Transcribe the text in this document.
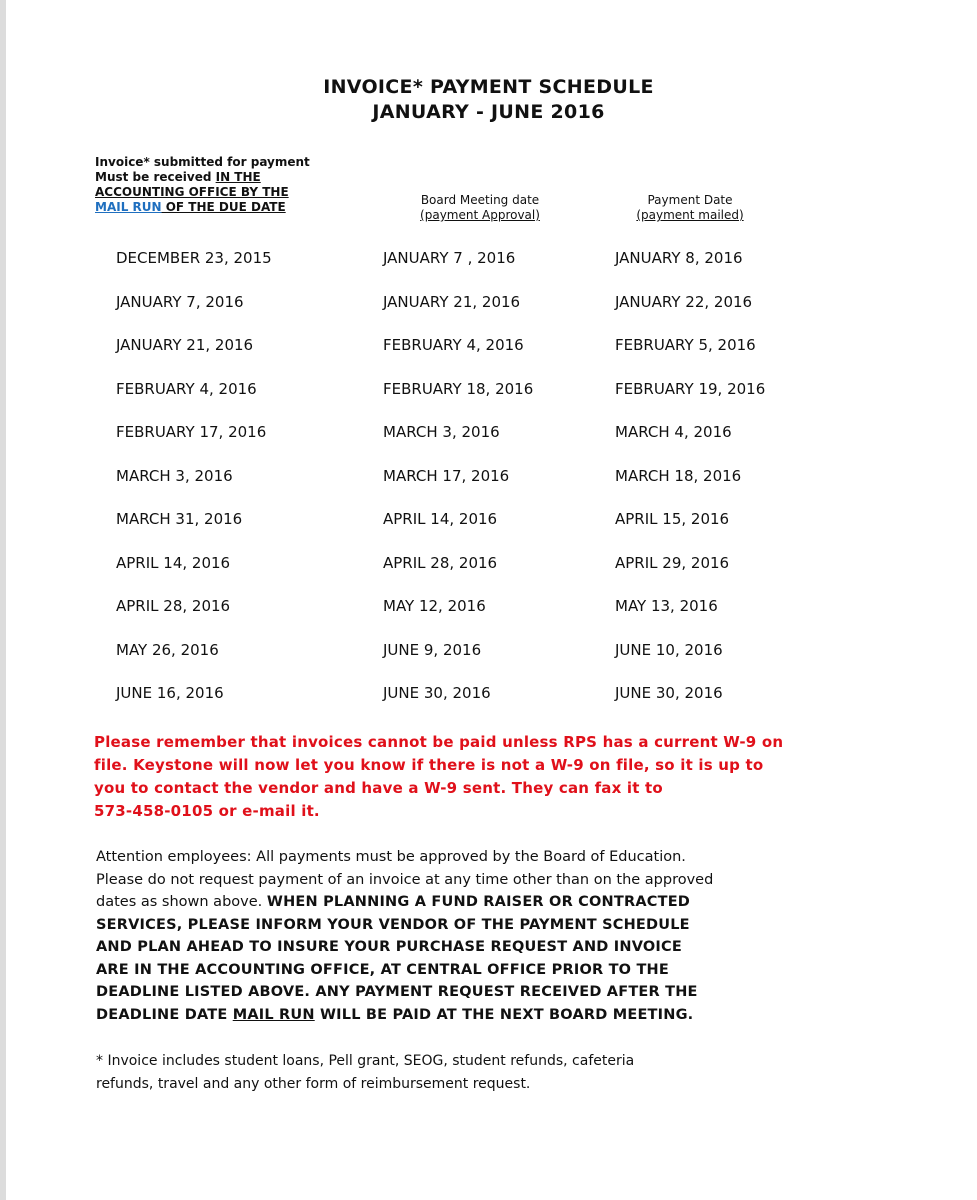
INVOICE* PAYMENT SCHEDULE
JANUARY - JUNE 2016
Invoice* submitted for payment
Must be received IN THE
ACCOUNTING OFFICE BY THE
MAIL RUN OF THE DUE DATE	Board Meeting date
(payment Approval)
Payment Date
(payment mailed)
DECEMBER 23, 2015	JANUARY 7 , 2016	JANUARY 8, 2016
JANUARY 7, 2016	JANUARY 21, 2016	JANUARY 22, 2016
JANUARY 21, 2016	FEBRUARY 4, 2016	FEBRUARY 5, 2016
FEBRUARY 4, 2016	FEBRUARY 18, 2016	FEBRUARY 19, 2016
FEBRUARY 17, 2016	MARCH 3, 2016	MARCH 4, 2016
MARCH 3, 2016	MARCH 17, 2016	MARCH 18, 2016
MARCH 31, 2016	APRIL 14, 2016	APRIL 15, 2016
APRIL 14, 2016	APRIL 28, 2016	APRIL 29, 2016
APRIL 28, 2016	MAY 12, 2016	MAY 13, 2016
MAY 26, 2016	JUNE 9, 2016	JUNE 10, 2016
JUNE 16, 2016	JUNE 30, 2016	JUNE 30, 2016
Please remember that invoices cannot be paid unless RPS has a current W-9 on
file. Keystone will now let you know if there is not a W-9 on file, so it is up to
you to contact the vendor and have a W-9 sent. They can fax it to
573-458-0105 or e-mail it.
Attention employees: All payments must be approved by the Board of Education.
Please do not request payment of an invoice at any time other than on the approved
dates as shown above. WHEN PLANNING A FUND RAISER OR CONTRACTED
SERVICES, PLEASE INFORM YOUR VENDOR OF THE PAYMENT SCHEDULE
AND PLAN AHEAD TO INSURE YOUR PURCHASE REQUEST AND INVOICE
ARE IN THE ACCOUNTING OFFICE, AT CENTRAL OFFICE PRIOR TO THE
DEADLINE LISTED ABOVE. ANY PAYMENT REQUEST RECEIVED AFTER THE
DEADLINE DATE MAIL RUN WILL BE PAID AT THE NEXT BOARD MEETING.
* Invoice includes student loans, Pell grant, SEOG, student refunds, cafeteria
refunds, travel and any other form of reimbursement request.
